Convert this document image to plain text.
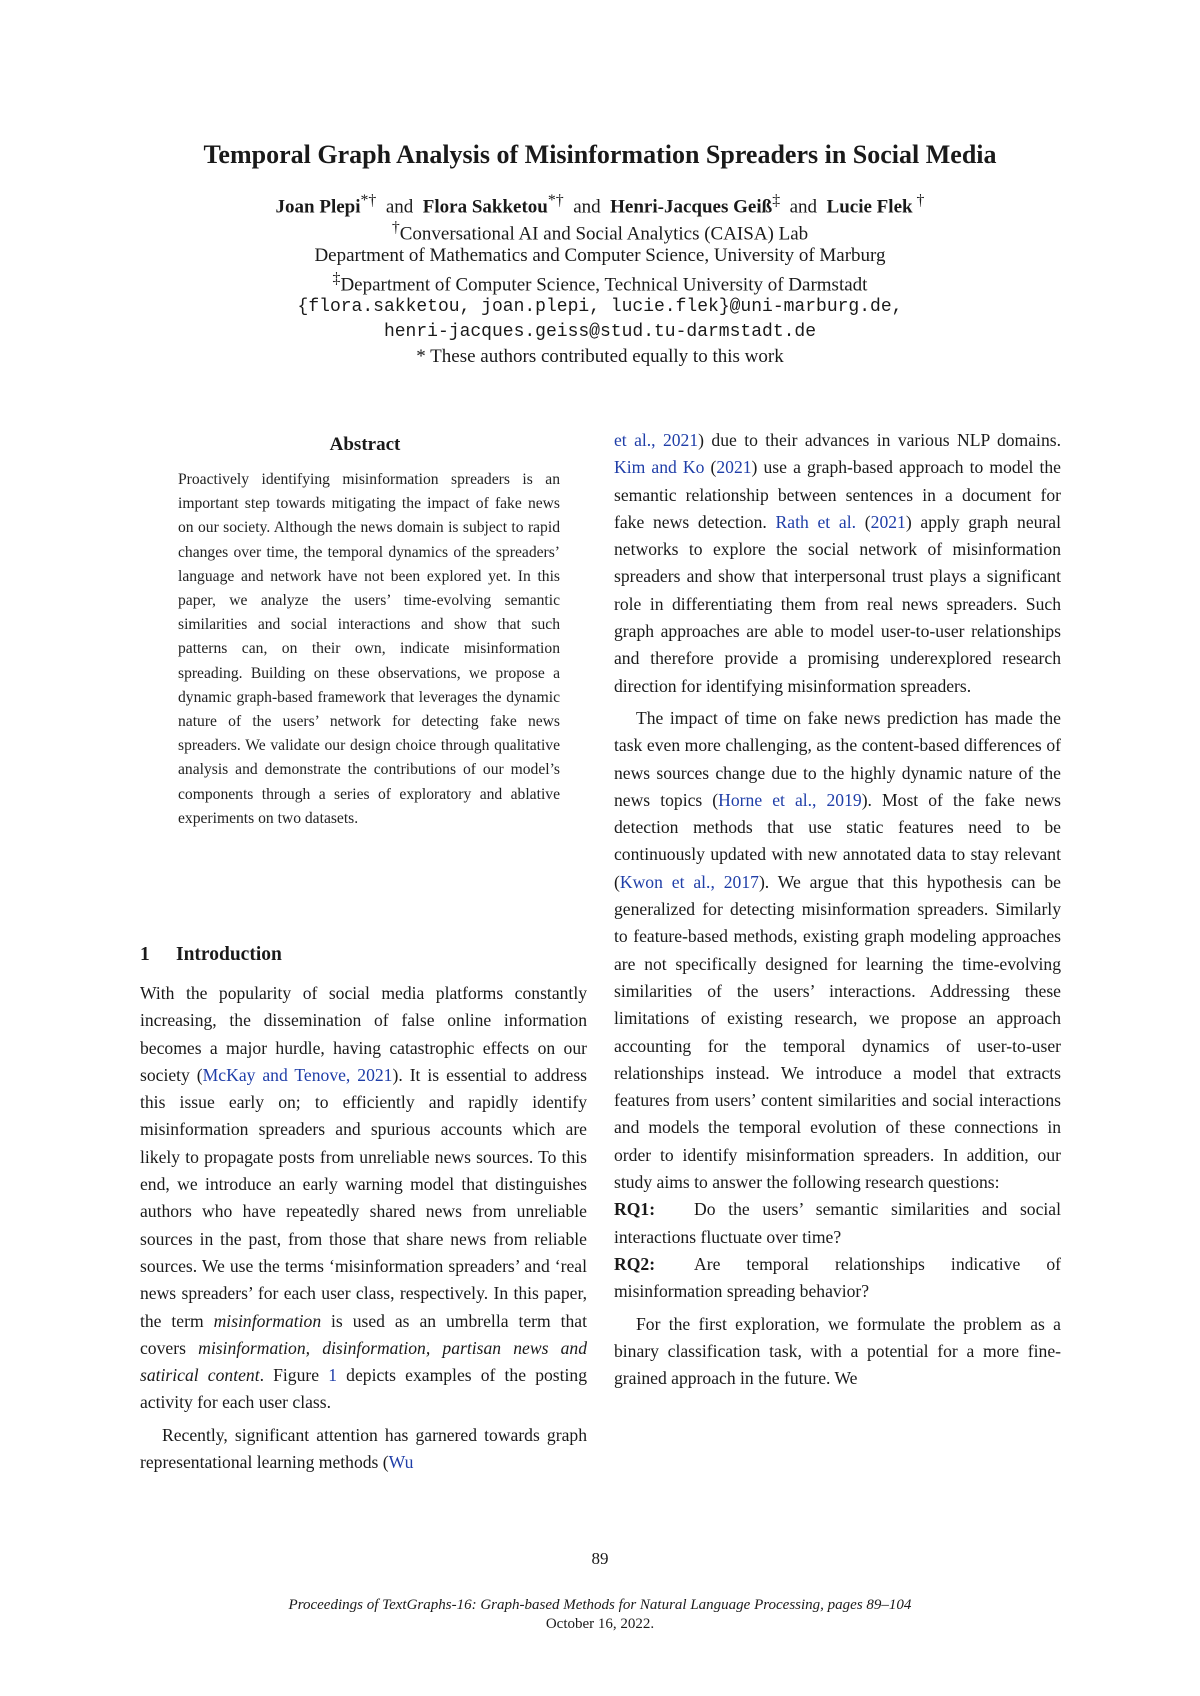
Temporal Graph Analysis of Misinformation Spreaders in Social Media
Joan Plepi*† and Flora Sakketou*† and Henri-Jacques Geiß‡ and Lucie Flek †
†Conversational AI and Social Analytics (CAISA) Lab
Department of Mathematics and Computer Science, University of Marburg
‡Department of Computer Science, Technical University of Darmstadt
{flora.sakketou, joan.plepi, lucie.flek}@uni-marburg.de,
henri-jacques.geiss@stud.tu-darmstadt.de
* These authors contributed equally to this work
Abstract
Proactively identifying misinformation spreaders is an important step towards mitigating the impact of fake news on our society. Although the news domain is subject to rapid changes over time, the temporal dynamics of the spreaders’ language and network have not been explored yet. In this paper, we analyze the users’ time-evolving semantic similarities and social interactions and show that such patterns can, on their own, indicate misinformation spreading. Building on these observations, we propose a dynamic graph-based framework that leverages the dynamic nature of the users’ network for detecting fake news spreaders. We validate our design choice through qualitative analysis and demonstrate the contributions of our model’s components through a series of exploratory and ablative experiments on two datasets.
1 Introduction

With the popularity of social media platforms constantly increasing, the dissemination of false online information becomes a major hurdle, having catastrophic effects on our society (McKay and Tenove, 2021). It is essential to address this issue early on; to efficiently and rapidly identify misinformation spreaders and spurious accounts which are likely to propagate posts from unreliable news sources. To this end, we introduce an early warning model that distinguishes authors who have repeatedly shared news from unreliable sources in the past, from those that share news from reliable sources. We use the terms ‘misinformation spreaders’ and ‘real news spreaders’ for each user class, respectively. In this paper, the term misinformation is used as an umbrella term that covers misinformation, disinformation, partisan news and satirical content. Figure 1 depicts examples of the posting activity for each user class.

Recently, significant attention has garnered towards graph representational learning methods (Wu

et al., 2021) due to their advances in various NLP domains. Kim and Ko (2021) use a graph-based approach to model the semantic relationship between sentences in a document for fake news detection. Rath et al. (2021) apply graph neural networks to explore the social network of misinformation spreaders and show that interpersonal trust plays a significant role in differentiating them from real news spreaders. Such graph approaches are able to model user-to-user relationships and therefore provide a promising underexplored research direction for identifying misinformation spreaders.

The impact of time on fake news prediction has made the task even more challenging, as the content-based differences of news sources change due to the highly dynamic nature of the news topics (Horne et al., 2019). Most of the fake news detection methods that use static features need to be continuously updated with new annotated data to stay relevant (Kwon et al., 2017). We argue that this hypothesis can be generalized for detecting misinformation spreaders. Similarly to feature-based methods, existing graph modeling approaches are not specifically designed for learning the time-evolving similarities of the users’ interactions. Addressing these limitations of existing research, we propose an approach accounting for the temporal dynamics of user-to-user relationships instead. We introduce a model that extracts features from users’ content similarities and social interactions and models the temporal evolution of these connections in order to identify misinformation spreaders. In addition, our study aims to answer the following research questions:

RQ1: Do the users’ semantic similarities and social interactions fluctuate over time?

RQ2: Are temporal relationships indicative of misinformation spreading behavior?

For the first exploration, we formulate the problem as a binary classification task, with a potential for a more fine-grained approach in the future. We

89
Proceedings of TextGraphs-16: Graph-based Methods for Natural Language Processing, pages 89–104
October 16, 2022.
